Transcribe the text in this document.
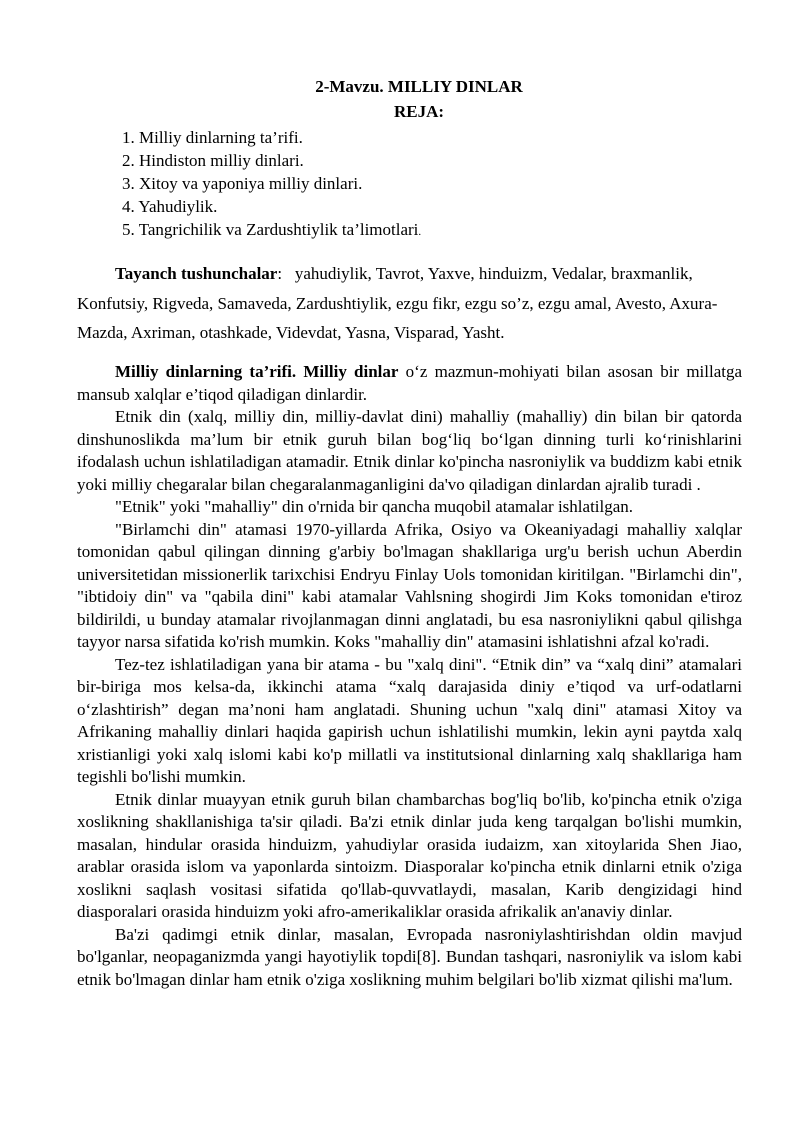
2-Mavzu. MILLIY DINLAR

REJA:

1. Milliy dinlarning ta’rifi.
2. Hindiston milliy dinlari.
3. Xitoy va yaponiya milliy dinlari.
4. Yahudiylik.
5. Tangrichilik va Zardushtiylik ta’limotlari.

Tayanch tushunchalar: yahudiylik, Tavrot, Yaxve, hinduizm, Vedalar, braxmanlik, Konfutsiy, Rigveda, Samaveda, Zardushtiylik, ezgu fikr, ezgu so’z, ezgu amal, Avesto, Axura-Mazda, Axriman, otashkade, Videvdat, Yasna, Visparad, Yasht.

Milliy dinlarning ta’rifi. Milliy dinlar o‘z mazmun-mohiyati bilan asosan bir millatga mansub xalqlar e’tiqod qiladigan dinlardir.

Etnik din (xalq, milliy din, milliy-davlat dini) mahalliy (mahalliy) din bilan bir qatorda dinshunoslikda ma’lum bir etnik guruh bilan bog‘liq bo‘lgan dinning turli ko‘rinishlarini ifodalash uchun ishlatiladigan atamadir. Etnik dinlar ko'pincha nasroniylik va buddizm kabi etnik yoki milliy chegaralar bilan chegaralanmaganligini da'vo qiladigan dinlardan ajralib turadi .

"Etnik" yoki "mahalliy" din o'rnida bir qancha muqobil atamalar ishlatilgan.

"Birlamchi din" atamasi 1970-yillarda Afrika, Osiyo va Okeaniyadagi mahalliy xalqlar tomonidan qabul qilingan dinning g'arbiy bo'lmagan shakllariga urg'u berish uchun Aberdin universitetidan missionerlik tarixchisi Endryu Finlay Uols tomonidan kiritilgan. "Birlamchi din", "ibtidoiy din" va "qabila dini" kabi atamalar Vahlsning shogirdi Jim Koks tomonidan e'tiroz bildirildi, u bunday atamalar rivojlanmagan dinni anglatadi, bu esa nasroniylikni qabul qilishga tayyor narsa sifatida ko'rish mumkin. Koks "mahalliy din" atamasini ishlatishni afzal ko'radi.

Tez-tez ishlatiladigan yana bir atama - bu "xalq dini". “Etnik din” va “xalq dini” atamalari bir-biriga mos kelsa-da, ikkinchi atama “xalq darajasida diniy e’tiqod va urf-odatlarni o‘zlashtirish” degan ma’noni ham anglatadi. Shuning uchun "xalq dini" atamasi Xitoy va Afrikaning mahalliy dinlari haqida gapirish uchun ishlatilishi mumkin, lekin ayni paytda xalq xristianligi yoki xalq islomi kabi ko'p millatli va institutsional dinlarning xalq shakllariga ham tegishli bo'lishi mumkin.

Etnik dinlar muayyan etnik guruh bilan chambarchas bog'liq bo'lib, ko'pincha etnik o'ziga xoslikning shakllanishiga ta'sir qiladi. Ba'zi etnik dinlar juda keng tarqalgan bo'lishi mumkin, masalan, hindular orasida hinduizm, yahudiylar orasida iudaizm, xan xitoylarida Shen Jiao, arablar orasida islom va yaponlarda sintoizm. Diasporalar ko'pincha etnik dinlarni etnik o'ziga xoslikni saqlash vositasi sifatida qo'llab-quvvatlaydi, masalan, Karib dengizidagi hind diasporalari orasida hinduizm yoki afro-amerikaliklar orasida afrikalik an'anaviy dinlar.

Ba'zi qadimgi etnik dinlar, masalan, Evropada nasroniylashtirishdan oldin mavjud bo'lganlar, neopaganizmda yangi hayotiylik topdi[8]. Bundan tashqari, nasroniylik va islom kabi etnik bo'lmagan dinlar ham etnik o'ziga xoslikning muhim belgilari bo'lib xizmat qilishi ma'lum.
